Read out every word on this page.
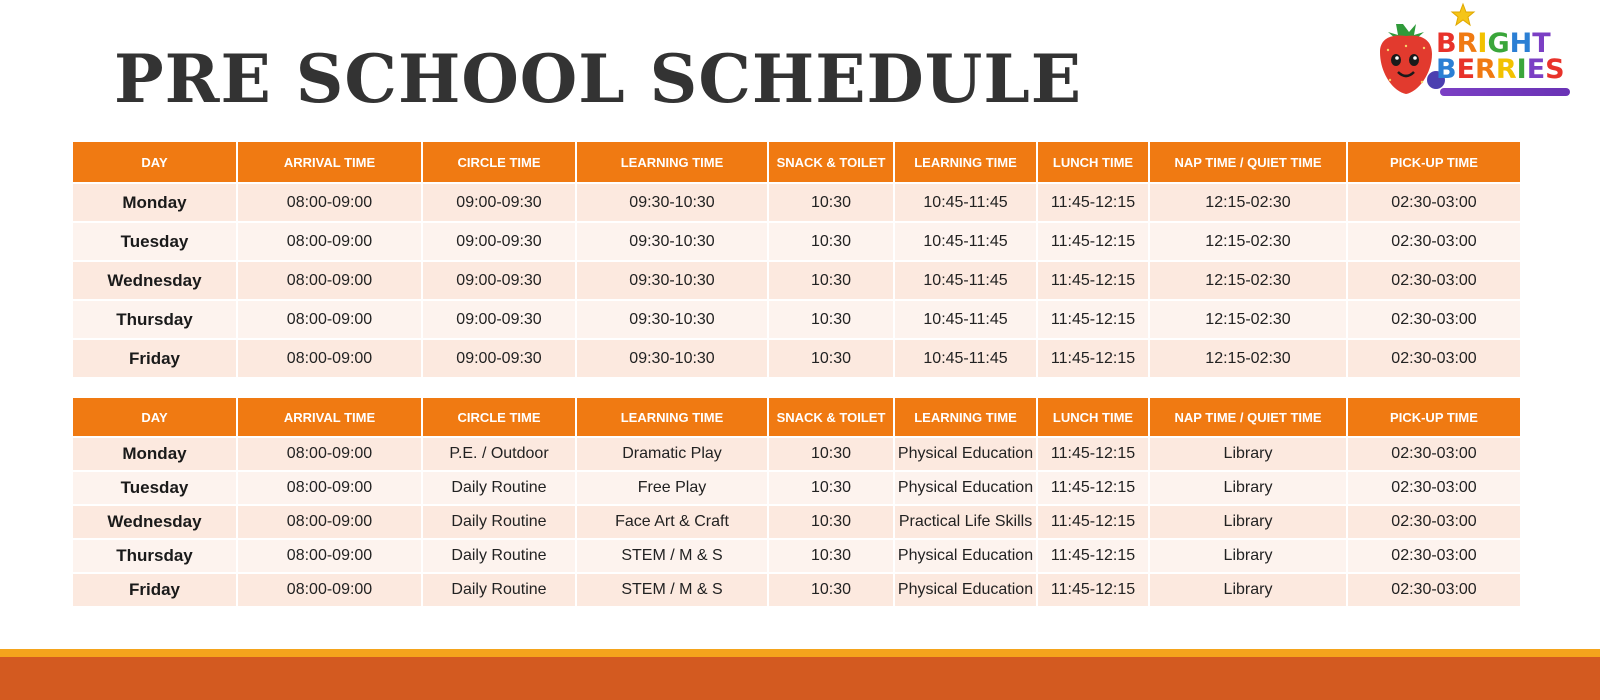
PRE SCHOOL SCHEDULE	BRIGHT
BERRIES
DAY	ARRIVAL TIME	CIRCLE TIME	LEARNING TIME	SNACK & TOILET	LEARNING TIME	LUNCH TIME	NAP TIME / QUIET TIME	PICK-UP TIME
Monday	08:00-09:00	09:00-09:30	09:30-10:30	10:30	10:45-11:45	11:45-12:15	12:15-02:30	02:30-03:00
Tuesday	08:00-09:00	09:00-09:30	09:30-10:30	10:30	10:45-11:45	11:45-12:15	12:15-02:30	02:30-03:00
Wednesday	08:00-09:00	09:00-09:30	09:30-10:30	10:30	10:45-11:45	11:45-12:15	12:15-02:30	02:30-03:00
Thursday	08:00-09:00	09:00-09:30	09:30-10:30	10:30	10:45-11:45	11:45-12:15	12:15-02:30	02:30-03:00
Friday	08:00-09:00	09:00-09:30	09:30-10:30	10:30	10:45-11:45	11:45-12:15	12:15-02:30	02:30-03:00
DAY	ARRIVAL TIME	CIRCLE TIME	LEARNING TIME	SNACK & TOILET	LEARNING TIME	LUNCH TIME	NAP TIME / QUIET TIME	PICK-UP TIME
Monday	08:00-09:00	P.E. / Outdoor	Dramatic Play	10:30	Physical Education	11:45-12:15	Library	02:30-03:00
Tuesday	08:00-09:00	Daily Routine	Free Play	10:30	Physical Education	11:45-12:15	Library	02:30-03:00
Wednesday	08:00-09:00	Daily Routine	Face Art & Craft	10:30	Practical Life Skills	11:45-12:15	Library	02:30-03:00
Thursday	08:00-09:00	Daily Routine	STEM / M & S	10:30	Physical Education	11:45-12:15	Library	02:30-03:00
Friday	08:00-09:00	Daily Routine	STEM / M & S	10:30	Physical Education	11:45-12:15	Library	02:30-03:00
